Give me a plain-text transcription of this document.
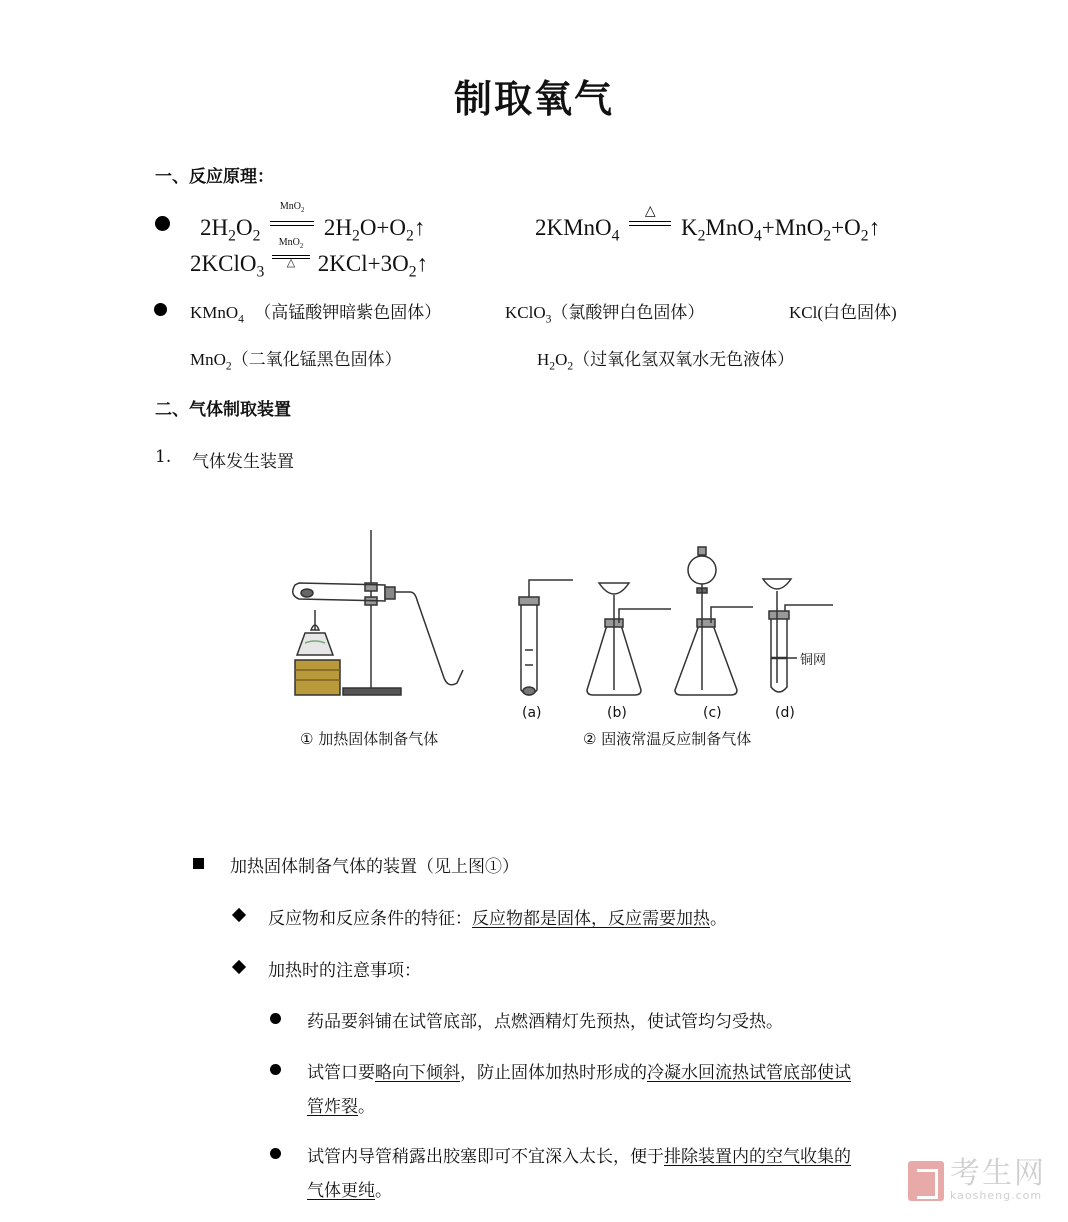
制取氧气
一、反应原理：
$2H_2O_2$
MnO$_2$
$2H_2O+O_2↑$	2KMnO$_4$
△
$K_2MnO_4+MnO_2+O_2↑$
2KClO$_3$
MnO$_2$
△ $2KCl+3O_2↑$
KMnO$_4$ （高锰酸钾暗紫色固体）	KClO$_3$（氯酸钾白色固体）	KCl(白色固体)
MnO$_2$（二氧化锰黑色固体）	$H_2O_2$（过氧化氢双氧水无色液体）
二、气体制取装置
1. 气体发生装置
铜网
(a)	(b)	(c)	(d)
① 加热固体制备气体	② 固液常温反应制备气体
加热固体制备气体的装置（见上图①）
反应物和反应条件的特征：反应物都是固体，反应需要加热。
加热时的注意事项：
药品要斜铺在试管底部，点燃酒精灯先预热，使试管均匀受热。
试管口要略向下倾斜，防止固体加热时形成的冷凝水回流热试管底部使试
管炸裂。
试管内导管稍露出胶塞即可不宜深入太长，便于排除装置内的空气收集的
气体更纯。	考生网
kaosheng.com
